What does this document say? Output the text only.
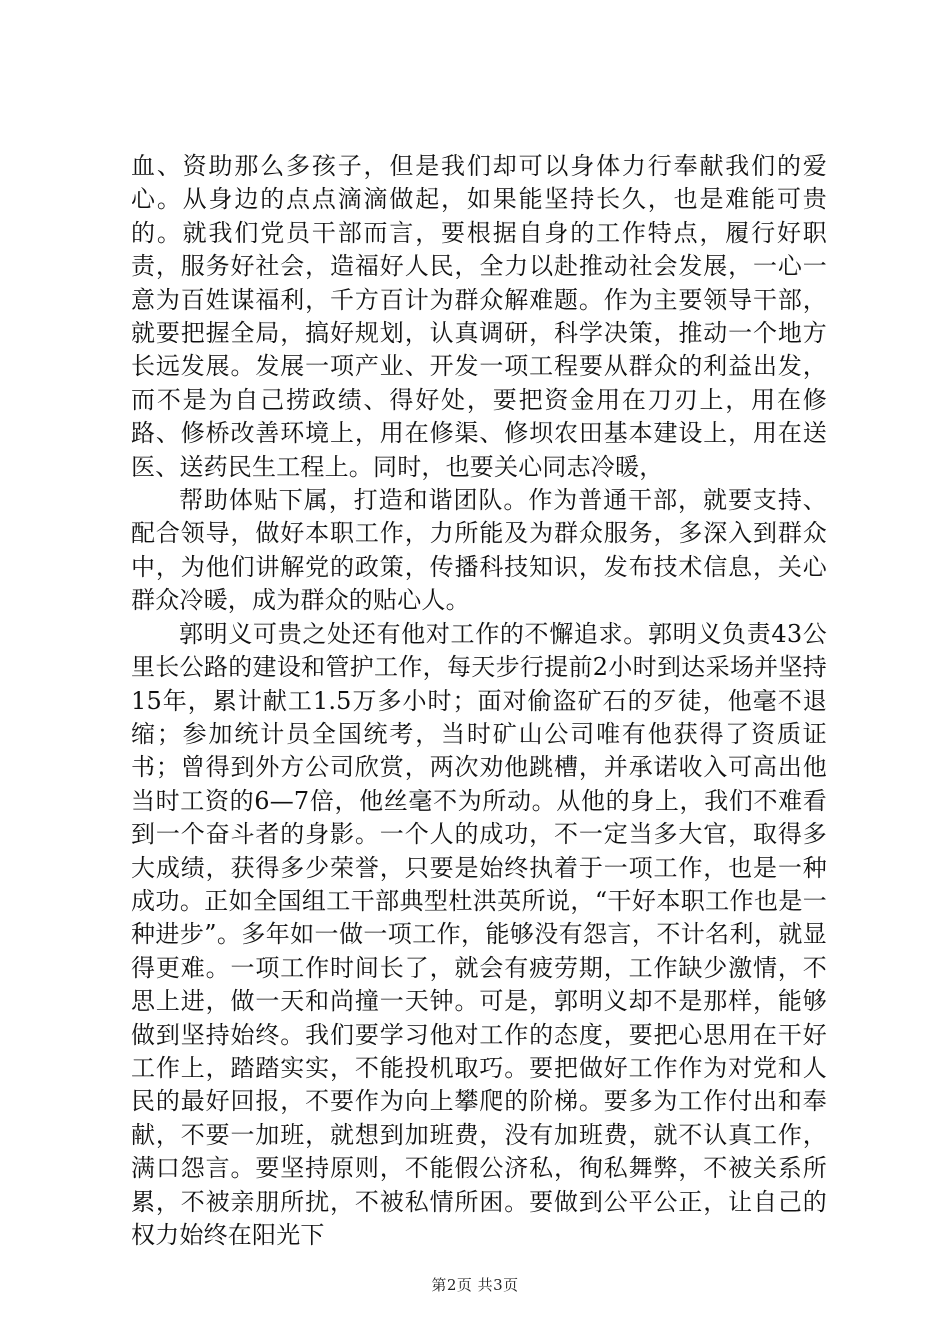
血、资助那么多孩子，但是我们却可以身体力行奉献我们的爱心。从身边的点点滴滴做起，如果能坚持长久，也是难能可贵的。就我们党员干部而言，要根据自身的工作特点，履行好职责，服务好社会，造福好人民，全力以赴推动社会发展，一心一意为百姓谋福利，千方百计为群众解难题。作为主要领导干部，就要把握全局，搞好规划，认真调研，科学决策，推动一个地方长远发展。发展一项产业、开发一项工程要从群众的利益出发，而不是为自己捞政绩、得好处，要把资金用在刀刃上，用在修路、修桥改善环境上，用在修渠、修坝农田基本建设上，用在送医、送药民生工程上。同时，也要关心同志冷暖，

帮助体贴下属，打造和谐团队。作为普通干部，就要支持、配合领导，做好本职工作，力所能及为群众服务，多深入到群众中，为他们讲解党的政策，传播科技知识，发布技术信息，关心群众冷暖，成为群众的贴心人。

郭明义可贵之处还有他对工作的不懈追求。郭明义负责43公里长公路的建设和管护工作，每天步行提前2小时到达采场并坚持15年，累计献工1.5万多小时；面对偷盗矿石的歹徒，他毫不退缩；参加统计员全国统考，当时矿山公司唯有他获得了资质证书；曾得到外方公司欣赏，两次劝他跳槽，并承诺收入可高出他当时工资的6—7倍，他丝毫不为所动。从他的身上，我们不难看到一个奋斗者的身影。一个人的成功，不一定当多大官，取得多大成绩，获得多少荣誉，只要是始终执着于一项工作，也是一种成功。正如全国组工干部典型杜洪英所说，“干好本职工作也是一种进步”。多年如一做一项工作，能够没有怨言，不计名利，就显得更难。一项工作时间长了，就会有疲劳期，工作缺少激情，不思上进，做一天和尚撞一天钟。可是，郭明义却不是那样，能够做到坚持始终。我们要学习他对工作的态度，要把心思用在干好工作上，踏踏实实，不能投机取巧。要把做好工作作为对党和人民的最好回报，不要作为向上攀爬的阶梯。要多为工作付出和奉献，不要一加班，就想到加班费，没有加班费，就不认真工作，满口怨言。要坚持原则，不能假公济私，徇私舞弊，不被关系所累，不被亲朋所扰，不被私情所困。要做到公平公正，让自己的权力始终在阳光下

第2页 共3页
